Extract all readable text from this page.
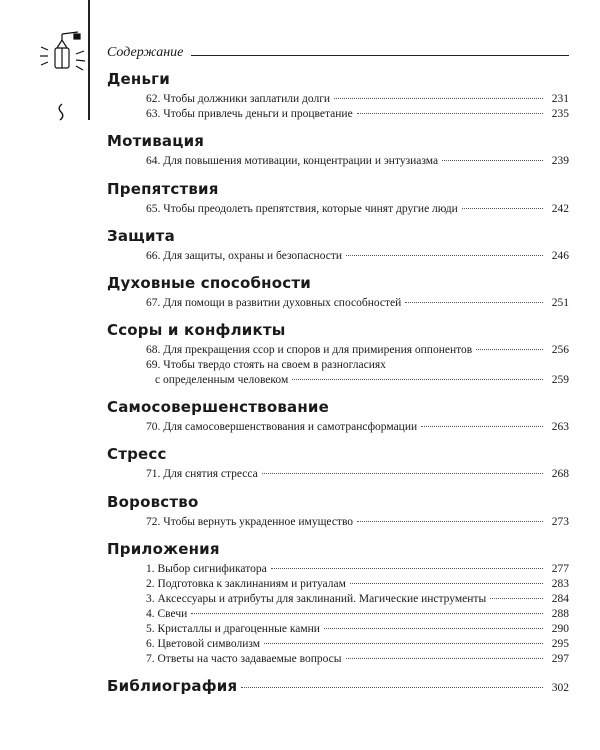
Содержание
Деньги
62. Чтобы должники заплатили долги	231
63. Чтобы привлечь деньги и процветание	235
Мотивация
64. Для повышения мотивации, концентрации и энтузиазма	239
Препятствия
65. Чтобы преодолеть препятствия, которые чинят другие люди	242
Защита
66. Для защиты, охраны и безопасности	246
Духовные способности
67. Для помощи в развитии духовных способностей	251
Ссоры и конфликты
68. Для прекращения ссор и споров и для примирения оппонентов	256
69. Чтобы твердо стоять на своем в разногласиях
с определенным человеком	259
Самосовершенствование
70. Для самосовершенствования и самотрансформации	263
Стресс
71. Для снятия стресса	268
Воровство
72. Чтобы вернуть украденное имущество	273
Приложения
1. Выбор сигнификатора	277
2. Подготовка к заклинаниям и ритуалам	283
3. Аксессуары и атрибуты для заклинаний. Магические инструменты	284
4. Свечи	288
5. Кристаллы и драгоценные камни	290
6. Цветовой символизм	295
7. Ответы на часто задаваемые вопросы	297
Библиография	302
